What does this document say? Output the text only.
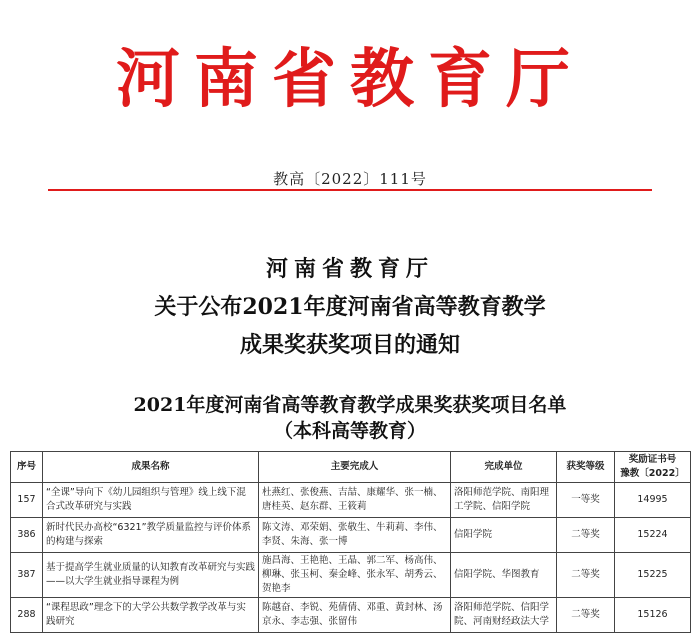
河南省教育厅
教高〔2022〕111号
河南省教育厅
关于公布2021年度河南省高等教育教学
成果奖获奖项目的通知
2021年度河南省高等教育教学成果奖获奖项目名单
（本科高等教育）
序号	成果名称	主要完成人	完成单位	获奖等级	奖励证书号
豫教〔2022〕

157	“全课”导向下《幼儿园组织与管理》线上线下混合式改革研究与实践	杜燕红、张俊燕、吉喆、康耀华、张一楠、唐桂英、赵东群、王筱莉	洛阳师范学院、南阳理工学院、信阳学院	一等奖	14995
386	新时代民办高校“6321”教学质量监控与评价体系的构建与探索	陈文涛、邓荣娟、张敬生、牛莉莉、李伟、李贤、朱海、张一博	信阳学院	二等奖	15224
387	基于提高学生就业质量的认知教育改革研究与实践——以大学生就业指导课程为例	施昌海、王艳艳、王晶、郭二军、杨高伟、柳琳、张玉柯、秦金峰、张永军、胡秀云、贺艳李	信阳学院、华图教育	二等奖	15225
288	“课程思政”理念下的大学公共数学教学改革与实践研究	陈越奋、李锐、苑倩倩、邓重、黄封林、汤京永、李志强、张留伟	洛阳师范学院、信阳学院、河南财经政法大学	二等奖	15126
